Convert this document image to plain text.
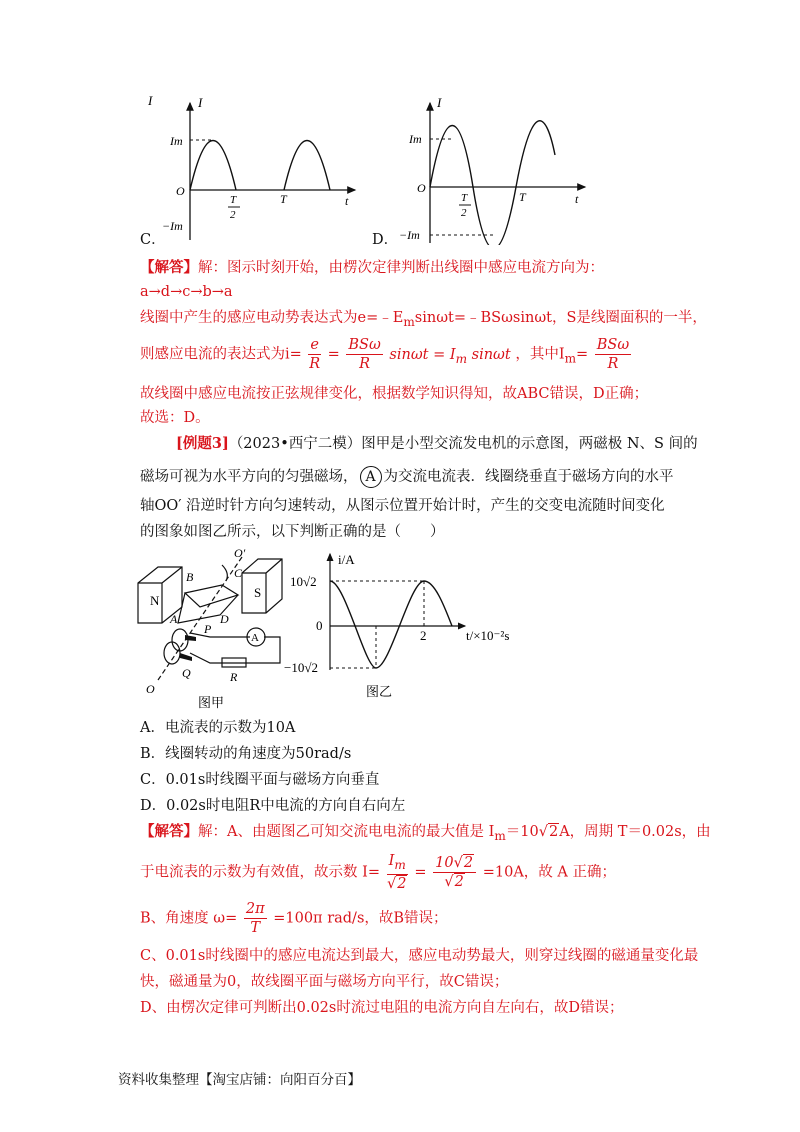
I	I
Im
O
T
2
T	t
−Im
C．
I
Im
O
T
2
T	t
−Im
D．
【解答】解：图示时刻开始，由楞次定律判断出线圈中感应电流方向为：
a→d→c→b→a
线圈中产生的感应电动势表达式为$e=﹣E_m\sin\omega t=﹣BS\omega\sin\omega t$，S是线圈面积的一半，
则感应电流的表达式为$i= \frac{e}{R} = \frac{\text{BSω}}{R}$ $\sin\omega t = I_m$ sinωt ，其中$I_m= \frac{\text{BSω}}{R}$
故线圈中感应电流按正弦规律变化，根据数学知识得知，故ABC错误，D正确；
故选：D。
[例题3]（2023•西宁二模）图甲是小型交流发电机的示意图，两磁极 N、S 间的
磁场可视为水平方向的匀强磁场， A 为交流电流表．线圈绕垂直于磁场方向的水平
轴OO′ 沿逆时针方向匀速转动，从图示位置开始计时，产生的交变电流随时间变化
的图象如图乙所示，以下判断正确的是（　　）
N
S
B	C
A	D
P
Q	R
O
O′
A
图甲
i/A
10√2
0
−10√2
2	t/×10⁻²s
图乙
A．电流表的示数为10A
B．线圈转动的角速度为50rad/s
C．0.01s时线圈平面与磁场方向垂直
D．0.02s时电阻R中电流的方向自右向左
【解答】解：A、由题图乙可知交流电电流的最大值是 $I_m=10√2A$，周期 T＝0.02s，由
于电流表的示数为有效值，故示数 $I= \frac{I_m}{√2} = \frac{10√2}{√2} =10A$，故 A 正确；
B、角速度 $\omega= \frac{2\pi}{T} =100\pi$ rad/s，故B错误；
C、0.01s时线圈中的感应电流达到最大，感应电动势最大，则穿过线圈的磁通量变化最
快，磁通量为0，故线圈平面与磁场方向平行，故C错误；
D、由楞次定律可判断出0.02s时流过电阻的电流方向自左向右，故D错误；
资料收集整理【淘宝店铺：向阳百分百】
